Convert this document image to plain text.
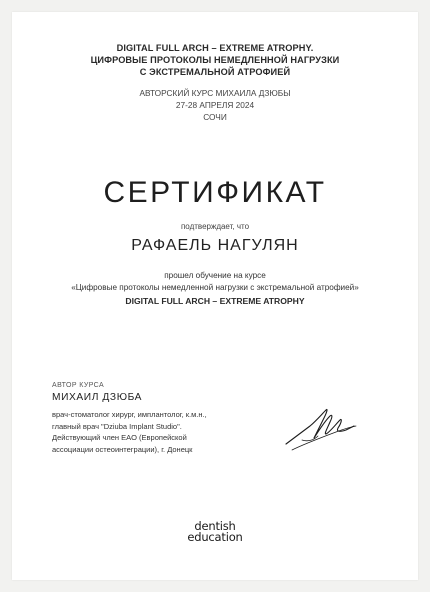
DIGITAL FULL ARCH – EXTREME ATROPHY.
ЦИФРОВЫЕ ПРОТОКОЛЫ НЕМЕДЛЕННОЙ НАГРУЗКИ
С ЭКСТРЕМАЛЬНОЙ АТРОФИЕЙ
АВТОРСКИЙ КУРС МИХАИЛА ДЗЮБЫ
27-28 АПРЕЛЯ 2024
СОЧИ
СЕРТИФИКАТ
подтверждает, что
РАФАЕЛЬ НАГУЛЯН
прошел обучение на курсе
«Цифровые протоколы немедленной нагрузки с экстремальной атрофией»
DIGITAL FULL ARCH – EXTREME ATROPHY
АВТОР КУРСА
МИХАИЛ ДЗЮБА
врач-стоматолог хирург, имплантолог, к.м.н.,
главный врач "Dziuba Implant Studio".
Действующий член EAO (Европейской
ассоциации остеоинтеграции), г. Донецк
dentish
education
